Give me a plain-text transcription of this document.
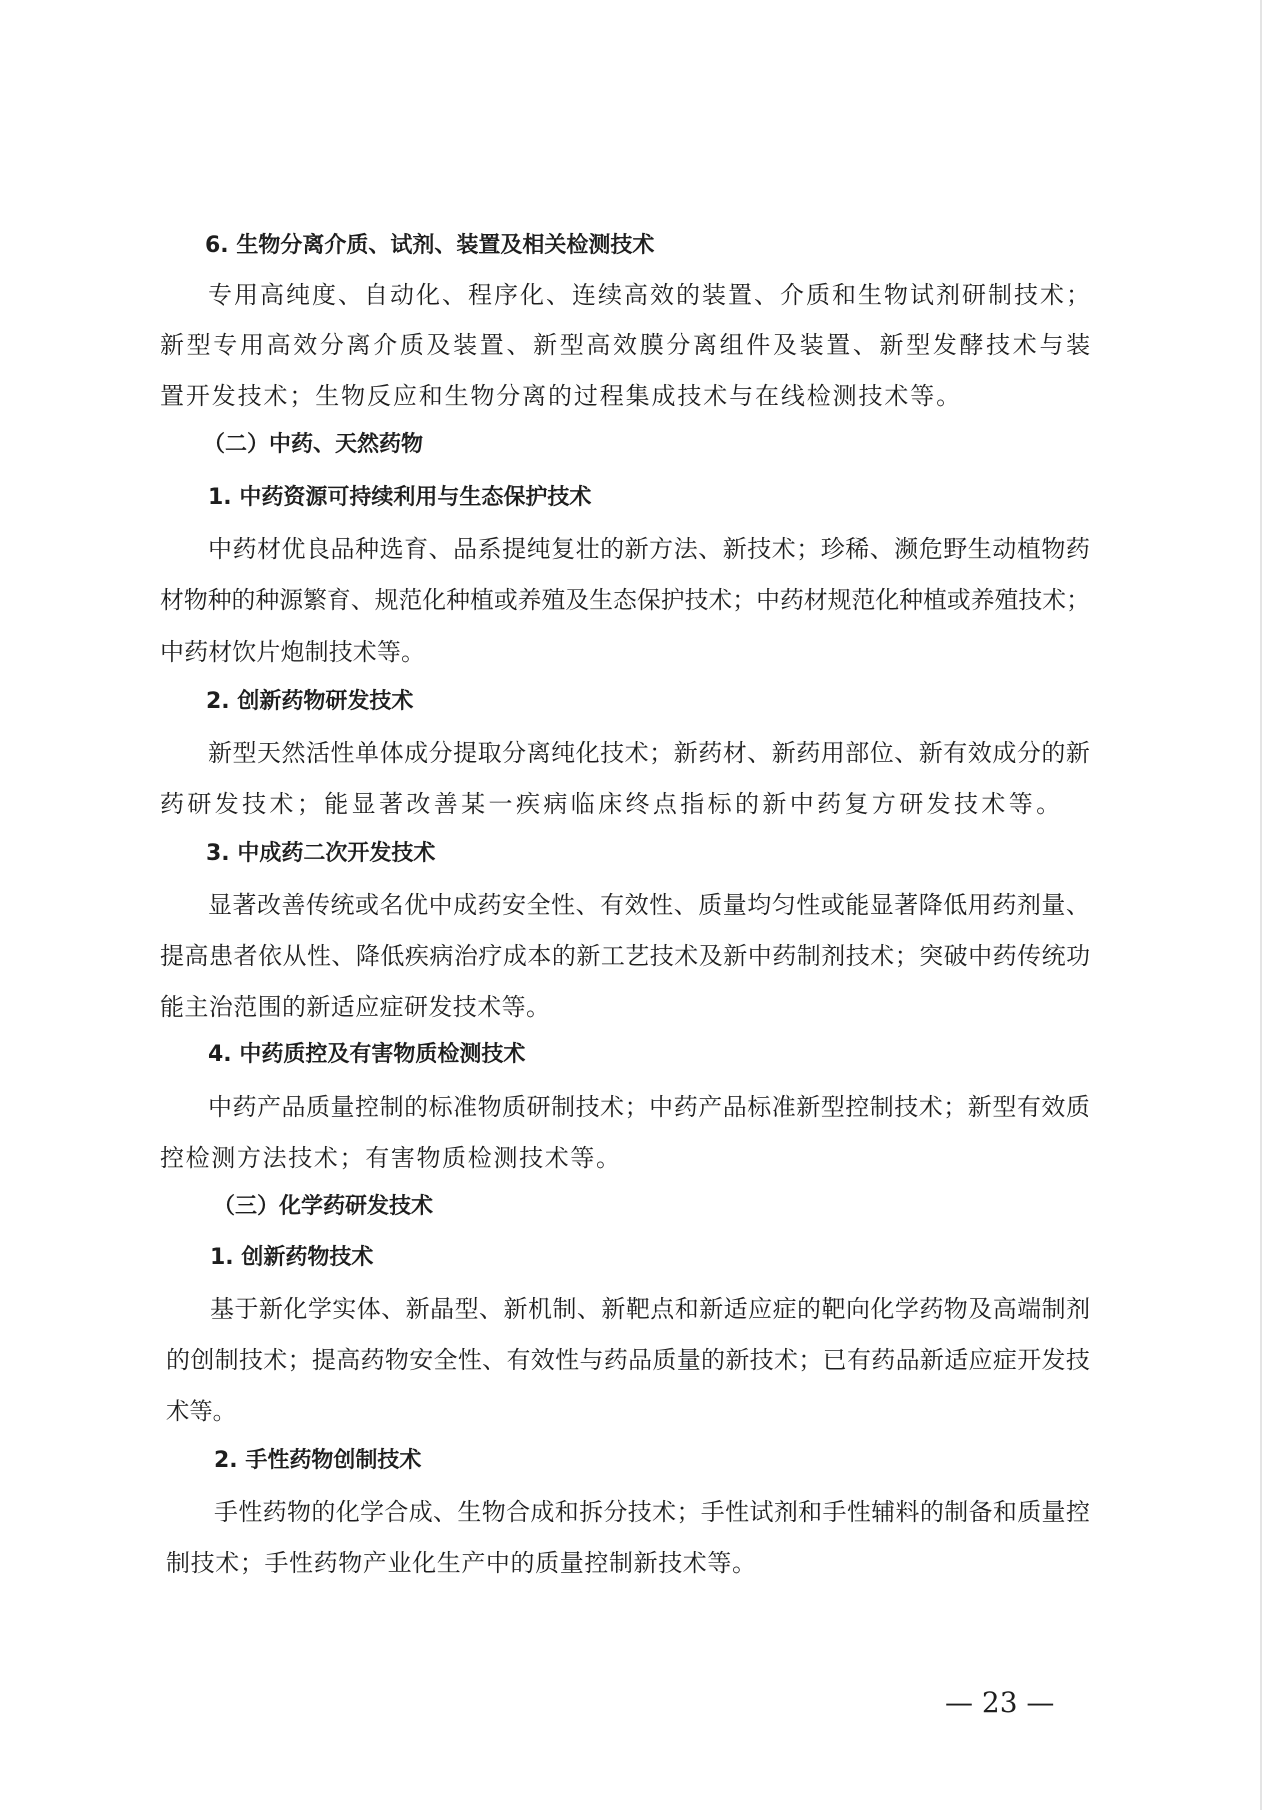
6. 生物分离介质、试剂、装置及相关检测技术
专用高纯度、自动化、程序化、连续高效的装置、介质和生物试剂研制技术；
新型专用高效分离介质及装置、新型高效膜分离组件及装置、新型发酵技术与装
置开发技术；生物反应和生物分离的过程集成技术与在线检测技术等。
（二）中药、天然药物
1. 中药资源可持续利用与生态保护技术
中药材优良品种选育、品系提纯复壮的新方法、新技术；珍稀、濒危野生动植物药
材物种的种源繁育、规范化种植或养殖及生态保护技术；中药材规范化种植或养殖技术；
中药材饮片炮制技术等。
2. 创新药物研发技术
新型天然活性单体成分提取分离纯化技术；新药材、新药用部位、新有效成分的新
药研发技术；能显著改善某一疾病临床终点指标的新中药复方研发技术等。
3. 中成药二次开发技术
显著改善传统或名优中成药安全性、有效性、质量均匀性或能显著降低用药剂量、
提高患者依从性、降低疾病治疗成本的新工艺技术及新中药制剂技术；突破中药传统功
能主治范围的新适应症研发技术等。
4. 中药质控及有害物质检测技术
中药产品质量控制的标准物质研制技术；中药产品标准新型控制技术；新型有效质
控检测方法技术；有害物质检测技术等。
（三）化学药研发技术
1. 创新药物技术
基于新化学实体、新晶型、新机制、新靶点和新适应症的靶向化学药物及高端制剂
的创制技术；提高药物安全性、有效性与药品质量的新技术；已有药品新适应症开发技
术等。
2. 手性药物创制技术
手性药物的化学合成、生物合成和拆分技术；手性试剂和手性辅料的制备和质量控
制技术；手性药物产业化生产中的质量控制新技术等。
— 23 —
